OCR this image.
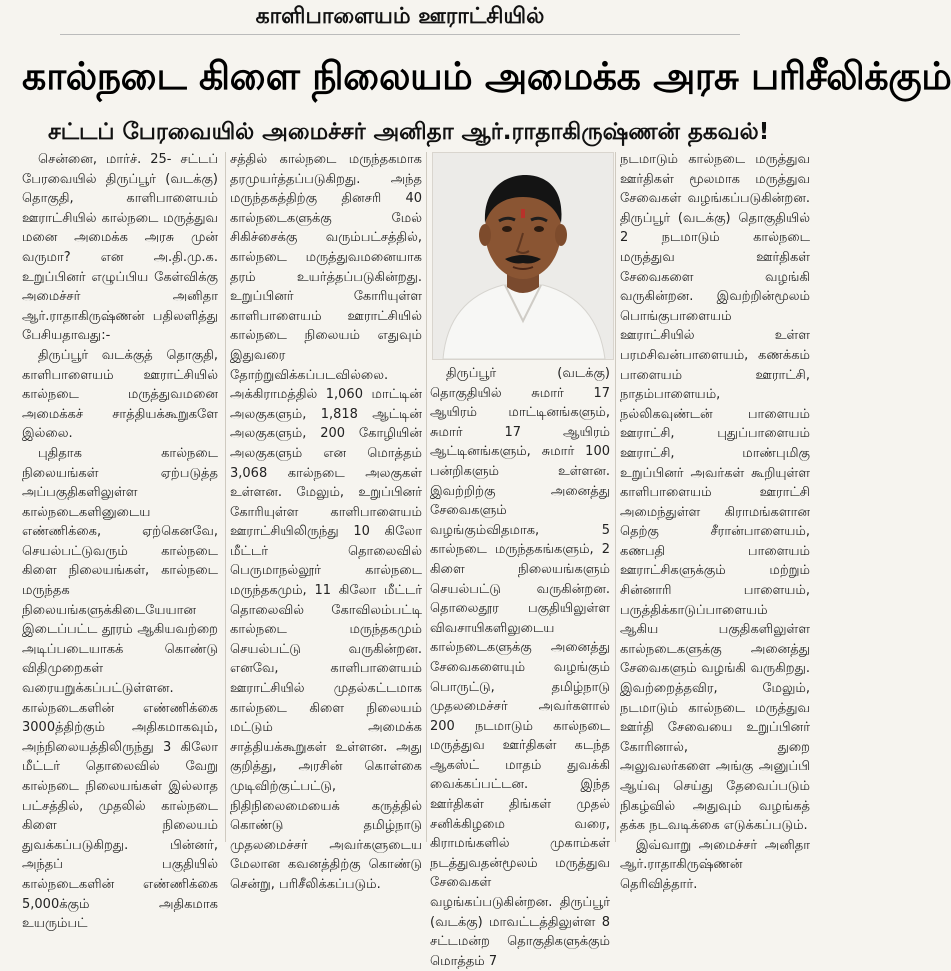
காளிபாளையம் ஊராட்சியில்
கால்நடை கிளை நிலையம் அமைக்க அரசு பரிசீலிக்கும்
சட்டப் பேரவையில் அமைச்சர் அனிதா ஆர்.ராதாகிருஷ்ணன் தகவல்!

சென்னை, மார்ச். 25- சட்டப் பேரவையில் திருப்பூர் (வடக்கு) தொகுதி, காளிபாளையம் ஊராட்சியில் கால்நடை மருத்துவ மனை அமைக்க அரசு முன் வருமா? என அ.தி.மு.க. உறுப்பினர் எழுப்பிய கேள்விக்கு அமைச்சர் அனிதா ஆர்.ராதாகிருஷ்ணன் பதிலளித்து பேசியதாவது:-

திருப்பூர் வடக்குத் தொகுதி, காளிபாளையம் ஊராட்சியில் கால்நடை மருத்துவமனை அமைக்கச் சாத்தியக்கூறுகளே இல்லை.

புதிதாக கால்நடை நிலையங்கள் ஏற்படுத்த அப்பகுதிகளிலுள்ள கால்நடைகளினுடைய எண்ணிக்கை, ஏற்கெனவே, செயல்பட்டுவரும் கால்நடை கிளை நிலையங்கள், கால்நடை மருந்தக நிலையங்களுக்கிடையேயான இடைப்பட்ட தூரம் ஆகியவற்றை அடிப்படையாகக் கொண்டு விதிமுறைகள் வரையறுக்கப்பட்டுள்ளன. கால்நடைகளின் எண்ணிக்கை 3000த்திற்கும் அதிகமாகவும், அந்நிலையத்திலிருந்து 3 கிலோ மீட்டர் தொலைவில் வேறு கால்நடை நிலையங்கள் இல்லாத பட்சத்தில், முதலில் கால்நடை கிளை நிலையம் துவக்கப்படுகிறது. பின்னர், அந்தப் பகுதியில் கால்நடைகளின் எண்ணிக்கை 5,000க்கும் அதிகமாக உயரும்பட்

சத்தில் கால்நடை மருந்தகமாக தரமுயர்த்தப்படுகிறது. அந்த மருந்தகத்திற்கு தினசரி 40 கால்நடைகளுக்கு மேல் சிகிச்சைக்கு வரும்பட்சத்தில், கால்நடை மருத்துவமனையாக தரம் உயர்த்தப்படுகின்றது. உறுப்பினர் கோரியுள்ள காளிபாளையம் ஊராட்சியில் கால்நடை நிலையம் எதுவும் இதுவரை தோற்றுவிக்கப்படவில்லை. அக்கிராமத்தில் 1,060 மாட்டின் அலகுகளும், 1,818 ஆட்டின் அலகுகளும், 200 கோழியின் அலகுகளும் என மொத்தம் 3,068 கால்நடை அலகுகள் உள்ளன. மேலும், உறுப்பினர் கோரியுள்ள காளிபாளையம் ஊராட்சியிலிருந்து 10 கிலோ மீட்டர் தொலைவில் பெருமாநல்லூர் கால்நடை மருந்தகமும், 11 கிலோ மீட்டர் தொலைவில் கோவிலம்பட்டி கால்நடை மருந்தகமும் செயல்பட்டு வருகின்றன. எனவே, காளிபாளையம் ஊராட்சியில் முதல்கட்டமாக கால்நடை கிளை நிலையம் மட்டும் அமைக்க சாத்தியக்கூறுகள் உள்ளன. அது குறித்து, அரசின் கொள்கை முடிவிற்குட்பட்டு, நிதிநிலைமையைக் கருத்தில் கொண்டு தமிழ்நாடு முதலமைச்சர் அவர்களுடைய மேலான கவனத்திற்கு கொண்டு சென்று, பரிசீலிக்கப்படும்.

திருப்பூர் (வடக்கு) தொகுதியில் சுமார் 17 ஆயிரம் மாட்டினங்களும், சுமார் 17 ஆயிரம் ஆட்டினங்களும், சுமார் 100 பன்றிகளும் உள்ளன. இவற்றிற்கு அனைத்து சேவைகளும் வழங்கும்விதமாக, 5 கால்நடை மருந்தகங்களும், 2 கிளை நிலையங்களும் செயல்பட்டு வருகின்றன. தொலைதூர பகுதியிலுள்ள விவசாயிகளிலுடைய கால்நடைகளுக்கு அனைத்து சேவைகளையும் வழங்கும் பொருட்டு, தமிழ்நாடு முதலமைச்சர் அவர்களால் 200 நடமாடும் கால்நடை மருத்துவ ஊர்திகள் கடந்த ஆகஸ்ட் மாதம் துவக்கி வைக்கப்பட்டன. இந்த ஊர்திகள் திங்கள் முதல் சனிக்கிழமை வரை, கிராமங்களில் முகாம்கள் நடத்துவதன்மூலம் மருத்துவ சேவைகள் வழங்கப்படுகின்றன. திருப்பூர் (வடக்கு) மாவட்டத்திலுள்ள 8 சட்டமன்ற தொகுதிகளுக்கும் மொத்தம் 7

நடமாடும் கால்நடை மருத்துவ ஊர்திகள் மூலமாக மருத்துவ சேவைகள் வழங்கப்படுகின்றன. திருப்பூர் (வடக்கு) தொகுதியில் 2 நடமாடும் கால்நடை மருத்துவ ஊர்திகள் சேவைகளை வழங்கி வருகின்றன. இவற்றின்மூலம் பொங்குபாளையம் ஊராட்சியில் உள்ள பரமசிவன்பாளையம், கணக்கம் பாளையம் ஊராட்சி, நாதம்பாளையம், நல்லிகவுண்டன் பாளையம் ஊராட்சி, புதுப்பாளையம் ஊராட்சி, மாண்புமிகு உறுப்பினர் அவர்கள் கூறியுள்ள காளிபாளையம் ஊராட்சி அமைந்துள்ள கிராமங்களான தெற்கு சீரான்பாளையம், கணபதி பாளையம் ஊராட்சிகளுக்கும் மற்றும் சின்னாரி பாளையம், பருத்திக்காடுப்பாளையம் ஆகிய பகுதிகளிலுள்ள கால்நடைகளுக்கு அனைத்து சேவைகளும் வழங்கி வருகிறது. இவற்றைத்தவிர, மேலும், நடமாடும் கால்நடை மருத்துவ ஊர்தி சேவையை உறுப்பினர் கோரினால், துறை அலுவலர்களை அங்கு அனுப்பி ஆய்வு செய்து தேவைப்படும் நிகழ்வில் அதுவும் வழங்கத் தக்க நடவடிக்கை எடுக்கப்படும்.

இவ்வாறு அமைச்சர் அனிதா ஆர்.ராதாகிருஷ்ணன் தெரிவித்தார்.
